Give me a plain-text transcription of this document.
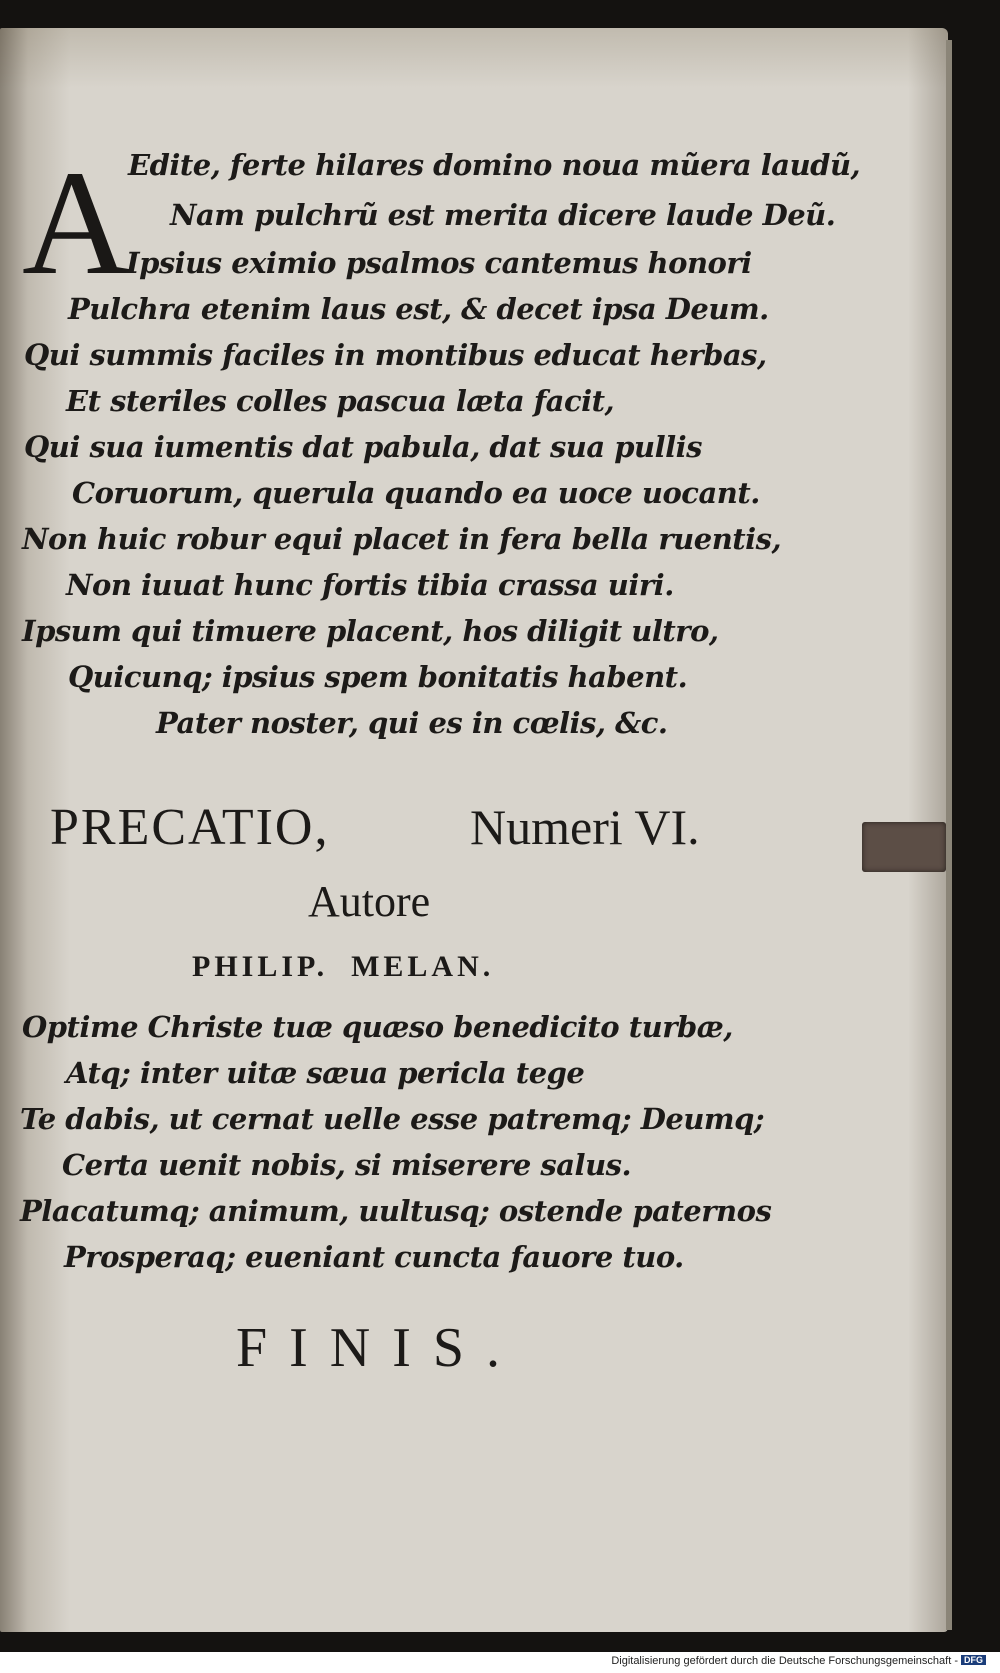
A
Edite, ferte hilares domino noua mũera laudũ,
Nam pulchrũ est merita dicere laude Deũ.
Ipsius eximio psalmos cantemus honori
Pulchra etenim laus est, & decet ipsa Deum.
Qui summis faciles in montibus educat herbas,
Et steriles colles pascua læta facit,
Qui sua iumentis dat pabula, dat sua pullis
Coruorum, querula quando ea uoce uocant.
Non huic robur equi placet in fera bella ruentis,
Non iuuat hunc fortis tibia crassa uiri.
Ipsum qui timuere placent, hos diligit ultro,
Quicunq; ipsius spem bonitatis habent.
Pater noster, qui es in cœlis, &c.
PRECATIO,	Numeri VI.
Autore
PHILIP.  MELAN.
Optime Christe tuæ quæso benedicito turbæ,
Atq; inter uitæ sæua pericla tege
Te dabis, ut cernat uelle esse patremq; Deumq;
Certa uenit nobis, si miserere salus.
Placatumq; animum, uultusq; ostende paternos
Prosperaq; eueniant cuncta fauore tuo.
FINIS.
Digitalisierung gefördert durch die Deutsche Forschungsgemeinschaft - DFG
